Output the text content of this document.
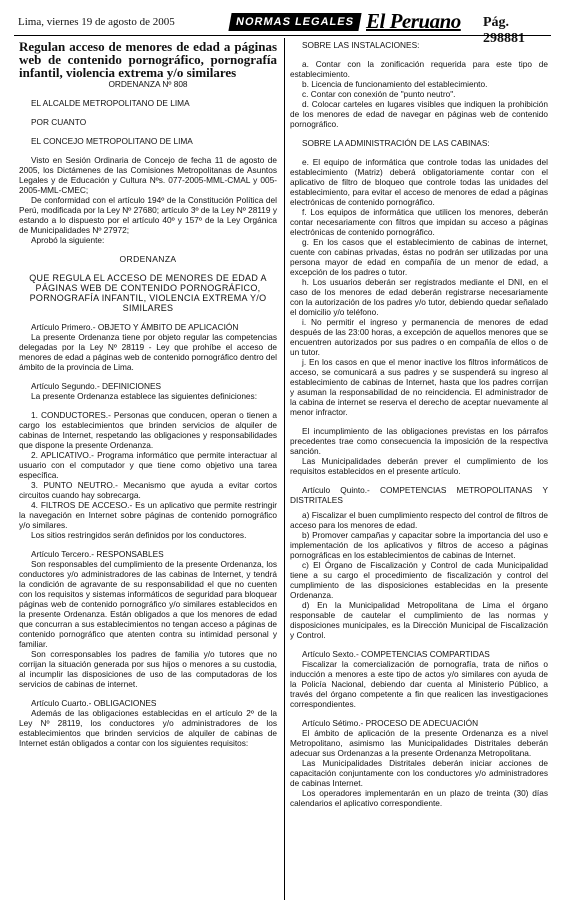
Lima, viernes 19 de agosto de 2005	NORMAS LEGALES El Peruano	Pág. 298881

Regulan acceso de menores de edad a páginas web de contenido pornográfico, pornografía infantil, violencia extrema y/o similares

ORDENANZA Nº 808

EL ALCALDE METROPOLITANO DE LIMA

POR CUANTO

EL CONCEJO METROPOLITANO DE LIMA

Visto en Sesión Ordinaria de Concejo de fecha 11 de agosto de 2005, los Dictámenes de las Comisiones Metropolitanas de Asuntos Legales y de Educación y Cultura Nºs. 077-2005-MML-CMAL y 005-2005-MML-CMEC;

De conformidad con el artículo 194º de la Constitución Política del Perú, modificada por la Ley Nº 27680; artículo 3º de la Ley Nº 28119 y estando a lo dispuesto por el artículo 40º y 157º de la Ley Orgánica de Municipalidades Nº 27972;

Aprobó la siguiente:

ORDENANZA

QUE REGULA EL ACCESO DE MENORES DE EDAD A PÁGINAS WEB DE CONTENIDO PORNOGRÁFICO, PORNOGRAFÍA INFANTIL, VIOLENCIA EXTREMA Y/O SIMILARES

Artículo Primero.- OBJETO Y ÁMBITO DE APLICACIÓN

La presente Ordenanza tiene por objeto regular las competencias delegadas por la Ley Nº 28119 - Ley que prohíbe el acceso de menores de edad a páginas web de contenido pornográfico dentro del ámbito de la provincia de Lima.

Artículo Segundo.- DEFINICIONES

La presente Ordenanza establece las siguientes definiciones:

1. CONDUCTORES.- Personas que conducen, operan o tienen a cargo los establecimientos que brinden servicios de alquiler de cabinas de Internet, respetando las obligaciones y responsabilidades que dispone la presente Ordenanza.

2. APLICATIVO.- Programa informático que permite interactuar al usuario con el computador y que tiene como objetivo una tarea específica.

3. PUNTO NEUTRO.- Mecanismo que ayuda a evitar cortos circuitos cuando hay sobrecarga.

4. FILTROS DE ACCESO.- Es un aplicativo que permite restringir la navegación en Internet sobre páginas de contenido pornográfico y/o similares.

Los sitios restringidos serán definidos por los conductores.

Artículo Tercero.- RESPONSABLES

Son responsables del cumplimiento de la presente Ordenanza, los conductores y/o administradores de las cabinas de Internet, y tendrá la condición de agravante de su responsabilidad el que no cuenten con los requisitos y sistemas informáticos de seguridad para bloquear páginas web de contenido pornográfico y/o similares establecidos en la presente Ordenanza. Están obligados a que los menores de edad que concurran a sus establecimientos no tengan acceso a páginas de contenido pornográfico que atenten contra su intimidad personal y familiar.

Son corresponsables los padres de familia y/o tutores que no corrijan la situación generada por sus hijos o menores a su custodia, al incumplir las disposiciones de uso de las computadoras de los servicios de cabinas de internet.

Artículo Cuarto.- OBLIGACIONES

Además de las obligaciones establecidas en el artículo 2º de la Ley Nº 28119, los conductores y/o administradores de los establecimientos que brinden servicios de alquiler de cabinas de Internet están obligados a contar con los siguientes requisitos:

SOBRE LAS INSTALACIONES:

a. Contar con la zonificación requerida para este tipo de establecimiento.

b. Licencia de funcionamiento del establecimiento.

c. Contar con conexión de "punto neutro".

d. Colocar carteles en lugares visibles que indiquen la prohibición de los menores de edad de navegar en páginas web de contenido pornográfico.

SOBRE LA ADMINISTRACIÓN DE LAS CABINAS:

e. El equipo de informática que controle todas las unidades del establecimiento (Matriz) deberá obligatoriamente contar con el aplicativo de filtro de bloqueo que controle todas las unidades del establecimiento, para evitar el acceso de menores de edad a páginas electrónicas de contenido pornográfico.

f. Los equipos de informática que utilicen los menores, deberán contar necesariamente con filtros que impidan su acceso a páginas electrónicas de contenido pornográfico.

g. En los casos que el establecimiento de cabinas de internet, cuente con cabinas privadas, éstas no podrán ser utilizadas por una persona mayor de edad en compañía de un menor de edad, a excepción de los padres o tutor.

h. Los usuarios deberán ser registrados mediante el DNI, en el caso de los menores de edad deberán registrarse necesariamente con la autorización de los padres y/o tutor, debiendo quedar señalado el domicilio y/o teléfono.

i. No permitir el ingreso y permanencia de menores de edad después de las 23:00 horas, a excepción de aquellos menores que se encuentren autorizados por sus padres o en compañía de ellos o de un tutor.

j. En los casos en que el menor inactive los filtros informáticos de acceso, se comunicará a sus padres y se suspenderá su ingreso al establecimiento de cabinas de Internet, hasta que los padres corrijan y asuman la responsabilidad de no reincidencia. El administrador de la cabina de internet se reserva el derecho de aceptar nuevamente al menor infractor.

El incumplimiento de las obligaciones previstas en los párrafos precedentes trae como consecuencia la imposición de la respectiva sanción.

Las Municipalidades deberán prever el cumplimiento de los requisitos establecidos en el presente artículo.

Artículo Quinto.- COMPETENCIAS METROPOLITANAS Y DISTRITALES

a) Fiscalizar el buen cumplimiento respecto del control de filtros de acceso para los menores de edad.

b) Promover campañas y capacitar sobre la importancia del uso e implementación de los aplicativos y filtros de acceso a páginas pornográficas en los establecimientos de cabinas de Internet.

c) El Órgano de Fiscalización y Control de cada Municipalidad tiene a su cargo el procedimiento de fiscalización y control del cumplimiento de las disposiciones establecidas en la presente Ordenanza.

d) En la Municipalidad Metropolitana de Lima el órgano responsable de cautelar el cumplimiento de las normas y disposiciones municipales, es la Dirección Municipal de Fiscalización y Control.

Artículo Sexto.- COMPETENCIAS COMPARTIDAS

Fiscalizar la comercialización de pornografía, trata de niños o inducción a menores a este tipo de actos y/o similares con ayuda de la Policía Nacional, debiendo dar cuenta al Ministerio Público, a través del órgano competente a fin que realicen las investigaciones correspondientes.

Artículo Sétimo.- PROCESO DE ADECUACIÓN

El ámbito de aplicación de la presente Ordenanza es a nivel Metropolitano, asimismo las Municipalidades Distritales deberán adecuar sus Ordenanzas a la presente Ordenanza Metropolitana.

Las Municipalidades Distritales deberán iniciar acciones de capacitación conjuntamente con los conductores y/o administradores de cabinas Internet.

Los operadores implementarán en un plazo de treinta (30) días calendarios el aplicativo correspondiente.
